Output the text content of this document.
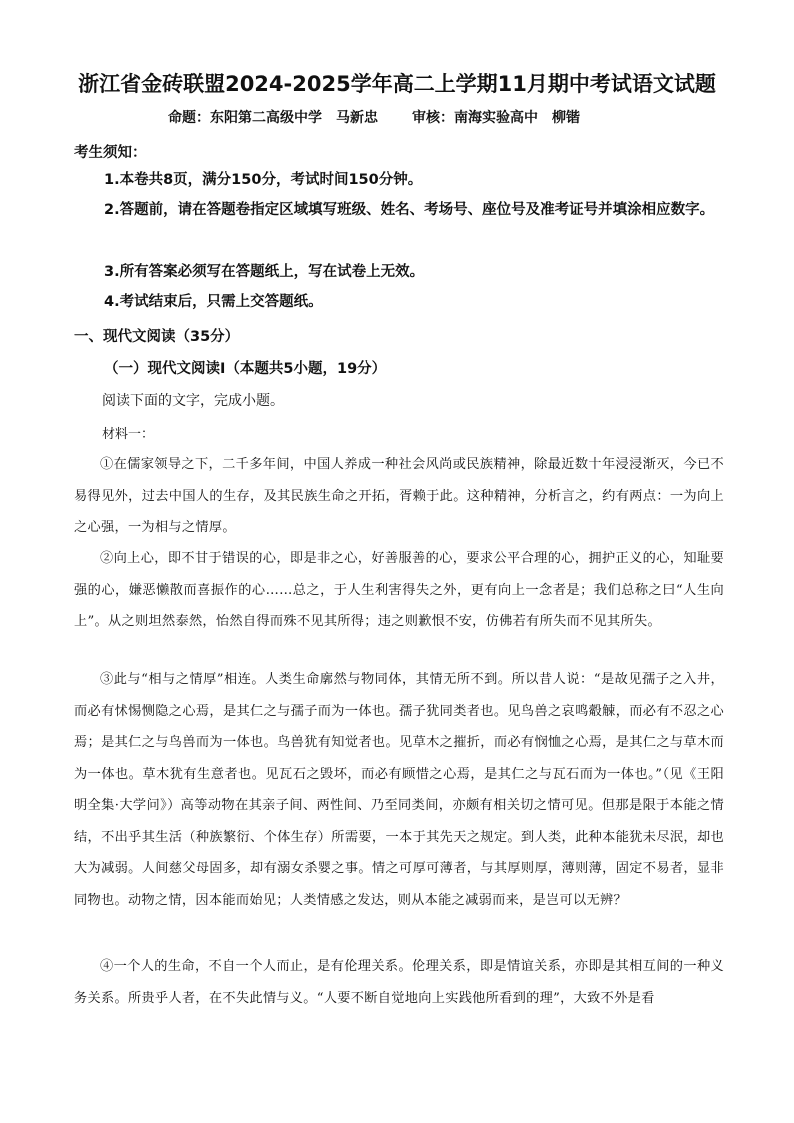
浙江省金砖联盟2024-2025学年高二上学期11月期中考试语文试题
命题：东阳第二高级中学 马新忠 审核：南海实验高中 柳锴
考生须知：
1.本卷共8页，满分150分，考试时间150分钟。
2.答题前，请在答题卷指定区域填写班级、姓名、考场号、座位号及准考证号并填涂相应数字。
3.所有答案必须写在答题纸上，写在试卷上无效。
4.考试结束后，只需上交答题纸。
一、现代文阅读（35分）
（一）现代文阅读Ⅰ（本题共5小题，19分）
阅读下面的文字，完成小题。
材料一：
①在儒家领导之下，二千多年间，中国人养成一种社会风尚或民族精神，除最近数十年浸浸渐灭，今已不易得见外，过去中国人的生存，及其民族生命之开拓，胥赖于此。这种精神，分析言之，约有两点：一为向上之心强，一为相与之情厚。
②向上心，即不甘于错误的心，即是非之心，好善服善的心，要求公平合理的心，拥护正义的心，知耻要强的心，嫌恶懒散而喜振作的心……总之，于人生利害得失之外，更有向上一念者是；我们总称之曰“人生向上”。从之则坦然泰然，怡然自得而殊不见其所得；违之则歉恨不安，仿佛若有所失而不见其所失。
③此与“相与之情厚”相连。人类生命廓然与物同体，其情无所不到。所以昔人说：“是故见孺子之入井，而必有怵惕恻隐之心焉，是其仁之与孺子而为一体也。孺子犹同类者也。见鸟兽之哀鸣觳觫，而必有不忍之心焉；是其仁之与鸟兽而为一体也。鸟兽犹有知觉者也。见草木之摧折，而必有悯恤之心焉，是其仁之与草木而为一体也。草木犹有生意者也。见瓦石之毁坏，而必有顾惜之心焉，是其仁之与瓦石而为一体也。”（见《王阳明全集·大学问》）高等动物在其亲子间、两性间、乃至同类间，亦颇有相关切之情可见。但那是限于本能之情结，不出乎其生活（种族繁衍、个体生存）所需要，一本于其先天之规定。到人类，此种本能犹未尽泯，却也大为减弱。人间慈父母固多，却有溺女杀婴之事。情之可厚可薄者，与其厚则厚，薄则薄，固定不易者，显非同物也。动物之情，因本能而始见；人类情感之发达，则从本能之减弱而来，是岂可以无辨？
④一个人的生命，不自一个人而止，是有伦理关系。伦理关系，即是情谊关系，亦即是其相互间的一种义务关系。所贵乎人者，在不失此情与义。“人要不断自觉地向上实践他所看到的理”，大致不外是看
